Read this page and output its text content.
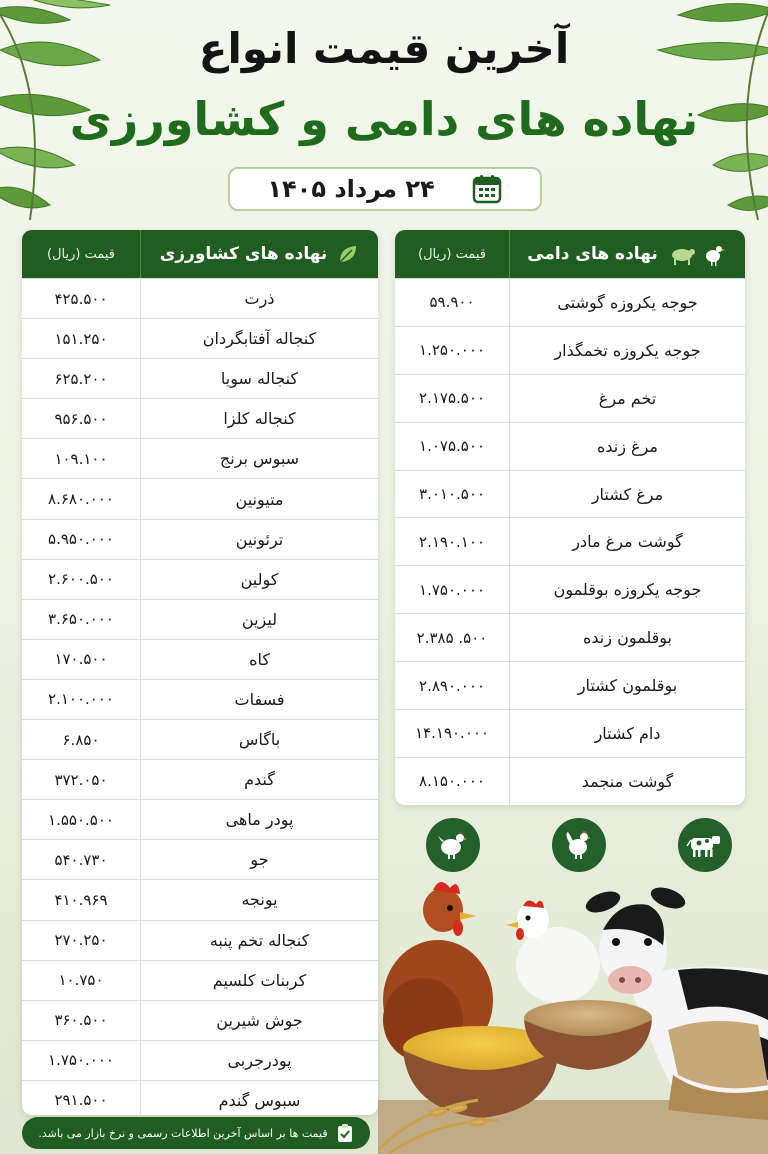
آخرین قیمت انواع
نهاده های دامی و کشاورزی
۲۴ مرداد ۱۴۰۵
نهاده های دامی
قیمت (ریال)
جوجه یکروزه گوشتی
۵۹.۹۰۰
جوجه یکروزه تخمگذار
۱.۲۵۰.۰۰۰
تخم مرغ
۲.۱۷۵.۵۰۰
مرغ زنده
۱.۰۷۵.۵۰۰
مرغ کشتار
۳.۰۱۰.۵۰۰
گوشت مرغ مادر
۲.۱۹۰.۱۰۰
جوجه یکروزه بوقلمون
۱.۷۵۰.۰۰۰
بوقلمون زنده
۲.۳۸۵ .۵۰۰
بوقلمون کشتار
۲.۸۹۰.۰۰۰
دام کشتار
۱۴.۱۹۰.۰۰۰
گوشت منجمد
۸.۱۵۰.۰۰۰
نهاده های کشاورزی
قیمت (ریال)
ذرت
۴۲۵.۵۰۰
کنجاله آفتابگردان
۱۵۱.۲۵۰
کنجاله سویا
۶۲۵.۲۰۰
کنجاله کلزا
۹۵۶.۵۰۰
سبوس برنج
۱۰۹.۱۰۰
متیونین
۸.۶۸۰.۰۰۰
ترئونین
۵.۹۵۰.۰۰۰
کولین
۲.۶۰۰.۵۰۰
لیزین
۳.۶۵۰.۰۰۰
کاه
۱۷۰.۵۰۰
فسفات
۲.۱۰۰.۰۰۰
باگاس
۶.۸۵۰
گندم
۳۷۲.۰۵۰
پودر ماهی
۱.۵۵۰.۵۰۰
جو
۵۴۰.۷۳۰
یونجه
۴۱۰.۹۶۹
کنجاله تخم پنبه
۲۷۰.۲۵۰
کربنات کلسیم
۱۰.۷۵۰
جوش شیرین
۳۶۰.۵۰۰
پودرجربی
۱.۷۵۰.۰۰۰
سبوس گندم
۲۹۱.۵۰۰
قیمت ها بر اساس آخرین اطلاعات رسمی و نرخ بازار می باشد.
